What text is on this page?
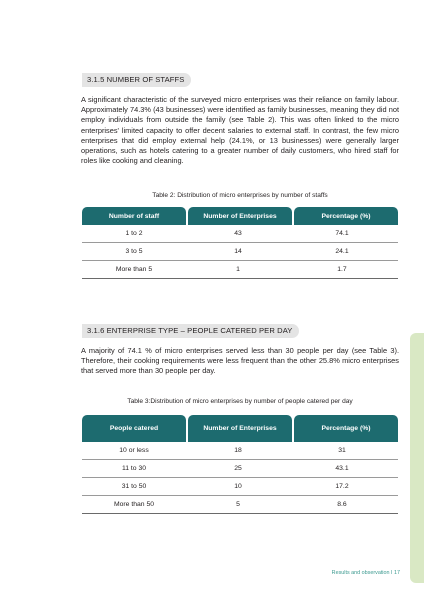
3.1.5 NUMBER OF STAFFS

A significant characteristic of the surveyed micro enterprises was their reliance on family labour. Approximately 74.3% (43 businesses) were identified as family businesses, meaning they did not employ individuals from outside the family (see Table 2). This was often linked to the micro enterprises' limited capacity to offer decent salaries to external staff. In contrast, the few micro enterprises that did employ external help (24.1%, or 13 businesses) were generally larger operations, such as hotels catering to a greater number of daily customers, who hired staff for roles like cooking and cleaning.

Table 2: Distribution of micro enterprises by number of staffs
Number of staff	Number of Enterprises	Percentage (%)
1 to 2	43	74.1
3 to 5	14	24.1
More than 5	1	1.7
3.1.6 ENTERPRISE TYPE – PEOPLE CATERED PER DAY

A majority of 74.1 % of micro enterprises served less than 30 people per day (see Table 3). Therefore, their cooking requirements were less frequent than the other 25.8% micro enterprises that served more than 30 people per day.

Table 3:Distribution of micro enterprises by number of people catered per day
People catered	Number of Enterprises	Percentage (%)
10 or less	18	31
11 to 30	25	43.1
31 to 50	10	17.2
More than 50	5	8.6
Results and observation I 17
